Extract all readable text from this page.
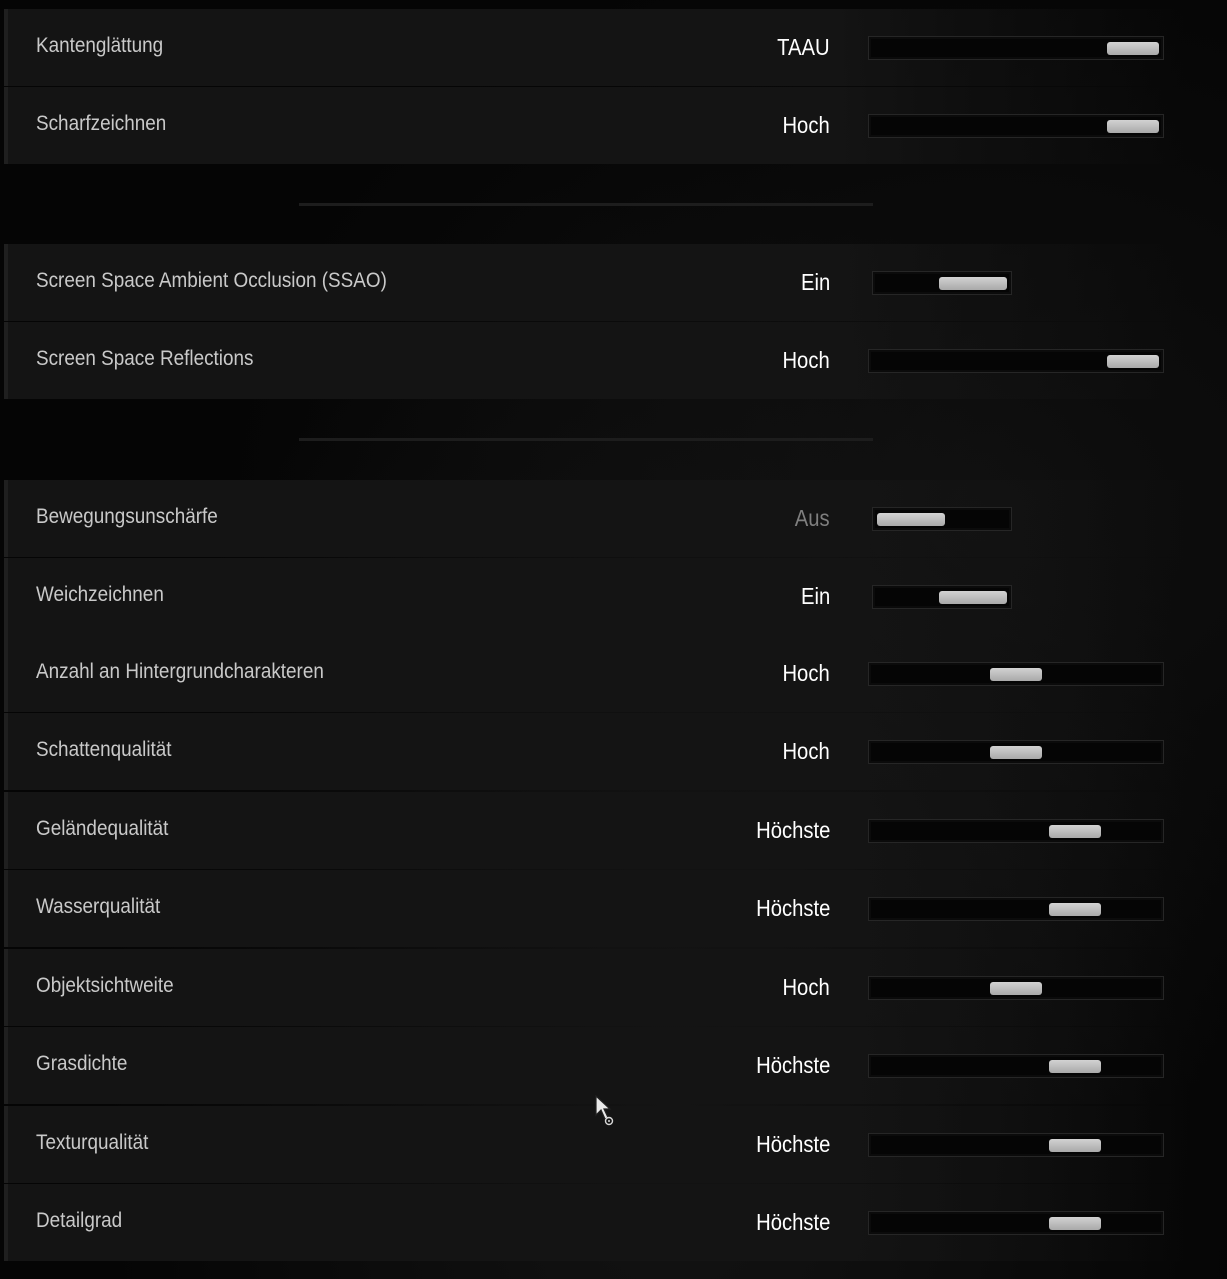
Kantenglättung	TAAU
Scharfzeichnen	Hoch
Screen Space Ambient Occlusion (SSAO)	Ein
Screen Space Reflections	Hoch
Bewegungsunschärfe	Aus
Weichzeichnen	Ein
Anzahl an Hintergrundcharakteren	Hoch
Schattenqualität	Hoch
Geländequalität	Höchste
Wasserqualität	Höchste
Objektsichtweite	Hoch
Grasdichte	Höchste
Texturqualität	Höchste
Detailgrad	Höchste
